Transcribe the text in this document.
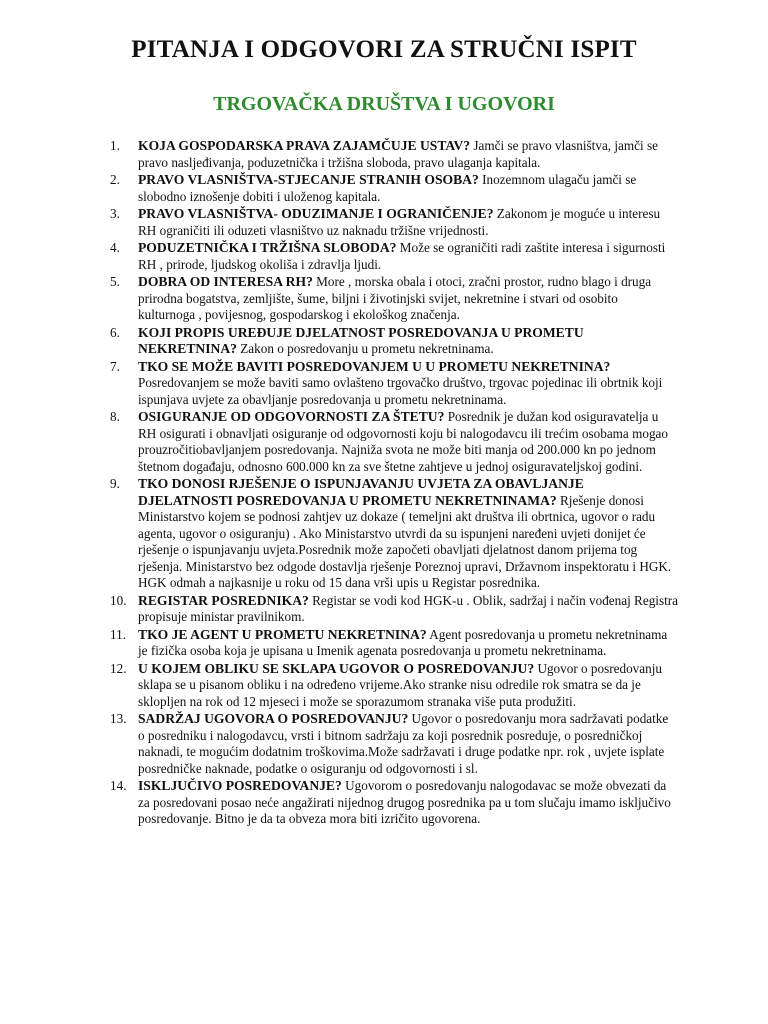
PITANJA I ODGOVORI ZA STRUČNI ISPIT
TRGOVAČKA DRUŠTVA I UGOVORI
1.	KOJA GOSPODARSKA PRAVA ZAJAMČUJE USTAV? Jamči se pravo vlasništva, jamči se pravo nasljeđivanja, poduzetnička i tržišna sloboda, pravo ulaganja kapitala.
2.	PRAVO VLASNIŠTVA-STJECANJE STRANIH OSOBA? Inozemnom ulagaču jamči se slobodno iznošenje dobiti i uloženog kapitala.
3.	PRAVO VLASNIŠTVA- ODUZIMANJE I OGRANIČENJE? Zakonom je moguće u interesu RH ograničiti ili oduzeti vlasništvo uz naknadu tržišne vrijednosti.
4.	PODUZETNIČKA I TRŽIŠNA SLOBODA? Može se ograničiti radi zaštite interesa i sigurnosti RH , prirode, ljudskog okoliša i zdravlja ljudi.
5.	DOBRA OD INTERESA RH? More , morska obala i otoci, zračni prostor, rudno blago i druga prirodna bogatstva, zemljište, šume, biljni i životinjski svijet, nekretnine i stvari od osobito kulturnoga , povijesnog, gospodarskog i ekološkog značenja.
6.	KOJI PROPIS UREĐUJE DJELATNOST POSREDOVANJA U PROMETU NEKRETNINA? Zakon o posredovanju u prometu nekretninama.
7.	TKO SE MOŽE BAVITI POSREDOVANJEM U U PROMETU NEKRETNINA? Posredovanjem se može baviti samo ovlašteno trgovačko društvo, trgovac pojedinac ili obrtnik koji ispunjava uvjete za obavljanje posredovanja u prometu nekretninama.
8.	OSIGURANJE OD ODGOVORNOSTI ZA ŠTETU? Posrednik je dužan kod osiguravatelja u RH osigurati i obnavljati osiguranje od odgovornosti koju bi nalogodavcu ili trećim osobama mogao prouzročitiobavljanjem posredovanja. Najniža svota ne može biti manja od 200.000 kn po jednom štetnom događaju, odnosno 600.000 kn za sve štetne zahtjeve u jednoj osiguravateljskoj godini.
9.	TKO DONOSI RJEŠENJE O ISPUNJAVANJU UVJETA ZA OBAVLJANJE DJELATNOSTI POSREDOVANJA U PROMETU NEKRETNINAMA? Rješenje donosi Ministarstvo kojem se podnosi zahtjev uz dokaze ( temeljni akt društva ili obrtnica, ugovor o radu agenta, ugovor o osiguranju) . Ako Ministarstvo utvrdi da su ispunjeni naređeni uvjeti donijet će rješenje o ispunjavanju uvjeta.Posrednik može započeti obavljati djelatnost danom prijema tog rješenja. Ministarstvo bez odgode dostavlja rješenje Poreznoj upravi, Državnom inspektoratu i HGK. HGK odmah a najkasnije u roku od 15 dana vrši upis u Registar posrednika.
10. REGISTAR POSREDNIKA? Registar se vodi kod HGK-u . Oblik, sadržaj i način vođenaj Registra propisuje ministar pravilnikom.
11. TKO JE AGENT U PROMETU NEKRETNINA? Agent posredovanja u prometu nekretninama je fizička osoba koja je upisana u Imenik agenata posredovanja u prometu nekretninama.
12. U KOJEM OBLIKU SE SKLAPA UGOVOR O POSREDOVANJU? Ugovor o posredovanju sklapa se u pisanom obliku i na određeno vrijeme.Ako stranke nisu odredile rok smatra se da je sklopljen na rok od 12 mjeseci i može se sporazumom stranaka više puta produžiti.
13. SADRŽAJ UGOVORA O POSREDOVANJU? Ugovor o posredovanju mora sadržavati podatke o posredniku i nalogodavcu, vrsti i bitnom sadržaju za koji posrednik posreduje, o posredničkoj naknadi, te mogućim dodatnim troškovima.Može sadržavati i druge podatke npr. rok , uvjete isplate posredničke naknade, podatke o osiguranju od odgovornosti i sl.
14. ISKLJUČIVO POSREDOVANJE? Ugovorom o posredovanju nalogodavac se može obvezati da za posredovani posao neće angažirati nijednog drugog posrednika pa u tom slučaju imamo isključivo posredovanje. Bitno je da ta obveza mora biti izričito ugovorena.
